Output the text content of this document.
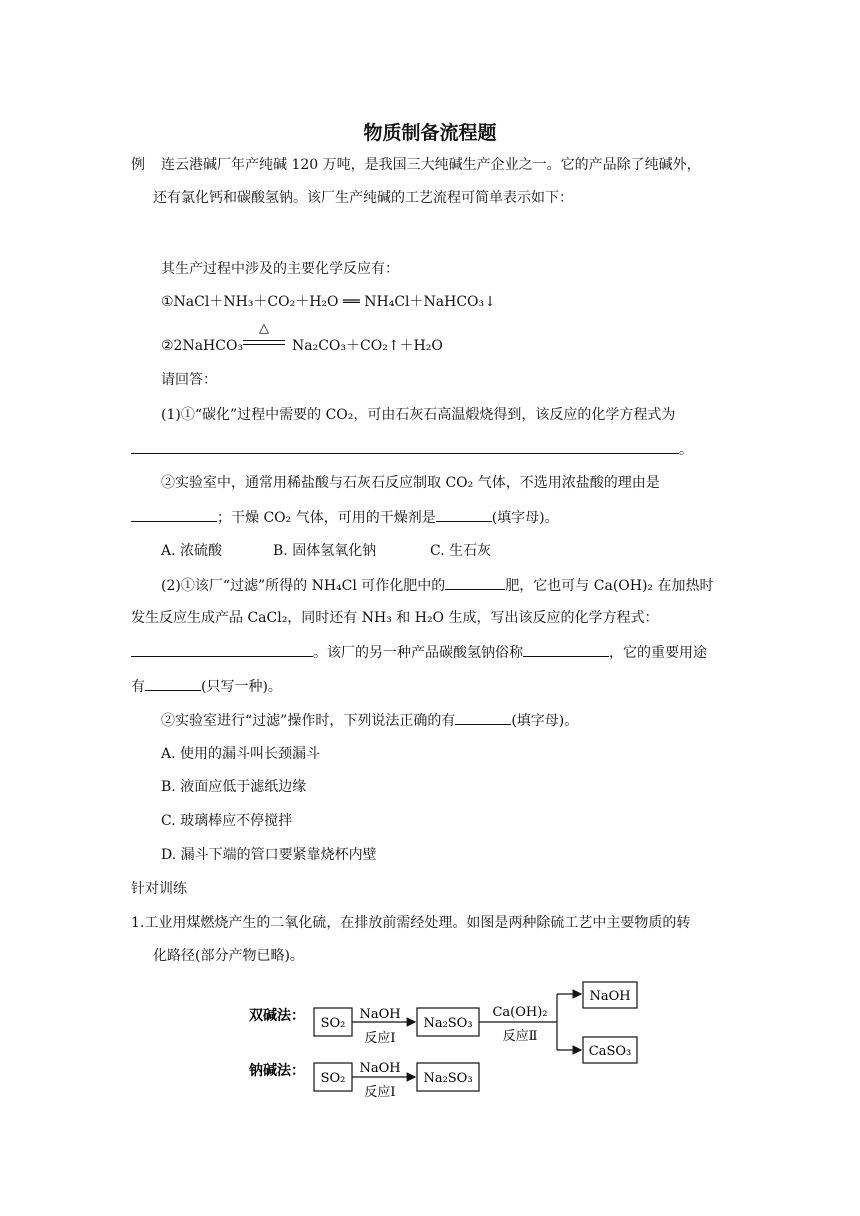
物质制备流程题
例 连云港碱厂年产纯碱 120 万吨，是我国三大纯碱生产企业之一。它的产品除了纯碱外，
还有氯化钙和碳酸氢钠。该厂生产纯碱的工艺流程可简单表示如下：
其生产过程中涉及的主要化学反应有：
①NaCl＋NH₃＋CO₂＋H₂O ══ NH₄Cl＋NaHCO₃↓
②2NaHCO₃
△
Na₂CO₃＋CO₂↑＋H₂O
请回答：
(1)①“碳化”过程中需要的 CO₂，可由石灰石高温煅烧得到，该反应的化学方程式为
。
②实验室中，通常用稀盐酸与石灰石反应制取 CO₂ 气体，不选用浓盐酸的理由是
；干燥 CO₂ 气体，可用的干燥剂是	(填字母)。
A. 浓硫酸	B. 固体氢氧化钠	C. 生石灰
(2)①该厂“过滤”所得的 NH₄Cl 可作化肥中的	肥，它也可与 Ca(OH)₂ 在加热时
发生反应生成产品 CaCl₂，同时还有 NH₃ 和 H₂O 生成，写出该反应的化学方程式：
。该厂的另一种产品碳酸氢钠俗称	，它的重要用途
有	(只写一种)。
②实验室进行“过滤”操作时，下列说法正确的有	(填字母)。
A. 使用的漏斗叫长颈漏斗
B. 液面应低于滤纸边缘
C. 玻璃棒应不停搅拌
D. 漏斗下端的管口要紧靠烧杯内壁
针对训练
1.工业用煤燃烧产生的二氧化硫，在排放前需经处理。如图是两种除硫工艺中主要物质的转
化路径(部分产物已略)。
双碱法： SO₂
NaOH
反应Ⅰ
Na₂SO₃
Ca(OH)₂
反应Ⅱ
NaOH
CaSO₃
钠碱法： SO₂
NaOH
反应Ⅰ
Na₂SO₃
